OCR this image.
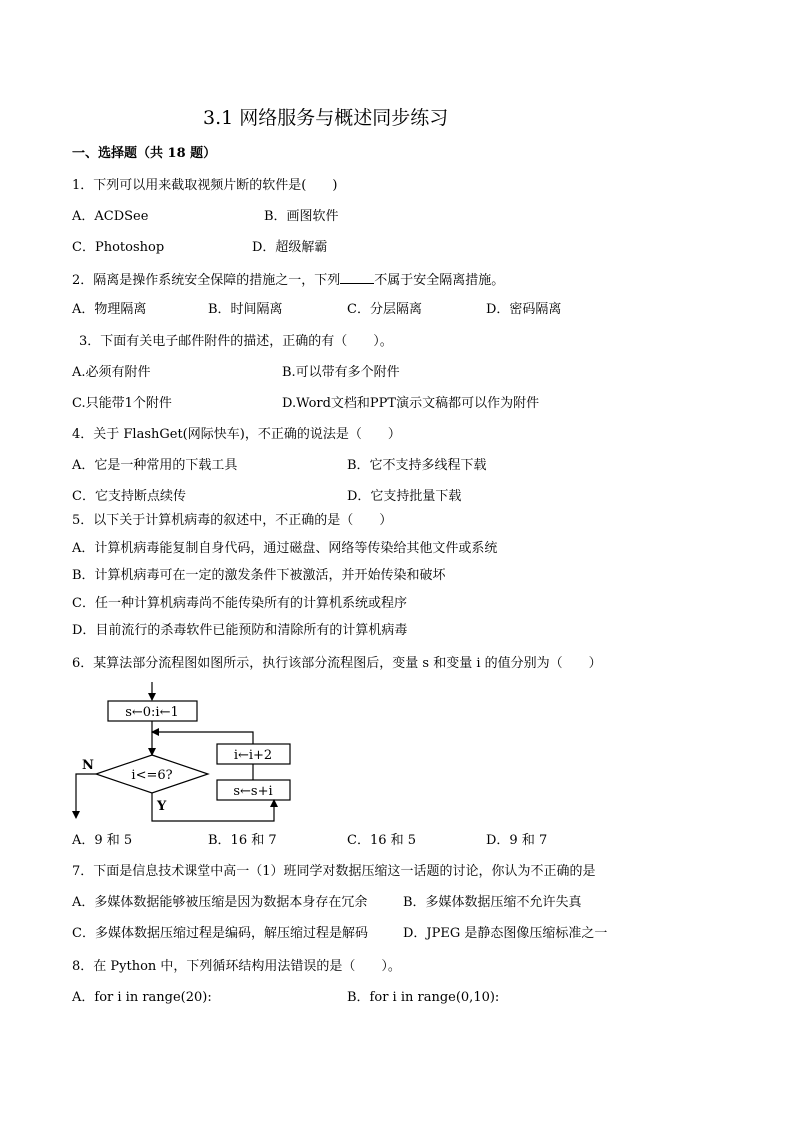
3.1 网络服务与概述同步练习
一、选择题（共 18 题）
1．下列可以用来截取视频片断的软件是(　　)
A．ACDSee	B．画图软件
C．Photoshop	D．超级解霸
2．隔离是操作系统安全保障的措施之一，下列	不属于安全隔离措施。
A．物理隔离	B．时间隔离	C．分层隔离	D．密码隔离
3．下面有关电子邮件附件的描述，正确的有（　　）。
A.必须有附件	B.可以带有多个附件
C.只能带1个附件	D.Word文档和PPT演示文稿都可以作为附件
4．关于 FlashGet(网际快车)，不正确的说法是（　　）
A．它是一种常用的下载工具	B．它不支持多线程下载
C．它支持断点续传	D．它支持批量下载
5．以下关于计算机病毒的叙述中，不正确的是（　　）
A．计算机病毒能复制自身代码，通过磁盘、网络等传染给其他文件或系统
B．计算机病毒可在一定的激发条件下被激活，并开始传染和破坏
C．任一种计算机病毒尚不能传染所有的计算机系统或程序
D．目前流行的杀毒软件已能预防和清除所有的计算机病毒
6．某算法部分流程图如图所示，执行该部分流程图后，变量 s 和变量 i 的值分别为（　　）
s←0:i←1
i<=6?
N
Y
s←s+i
i←i+2
A．9 和 5	B．16 和 7	C．16 和 5	D．9 和 7
7．下面是信息技术课堂中高一（1）班同学对数据压缩这一话题的讨论，你认为不正确的是
A．多媒体数据能够被压缩是因为数据本身存在冗余	B．多媒体数据压缩不允许失真
C．多媒体数据压缩过程是编码，解压缩过程是解码	D．JPEG 是静态图像压缩标准之一
8．在 Python 中，下列循环结构用法错误的是（　　）。
A．for i in range(20):	B．for i in range(0,10):
